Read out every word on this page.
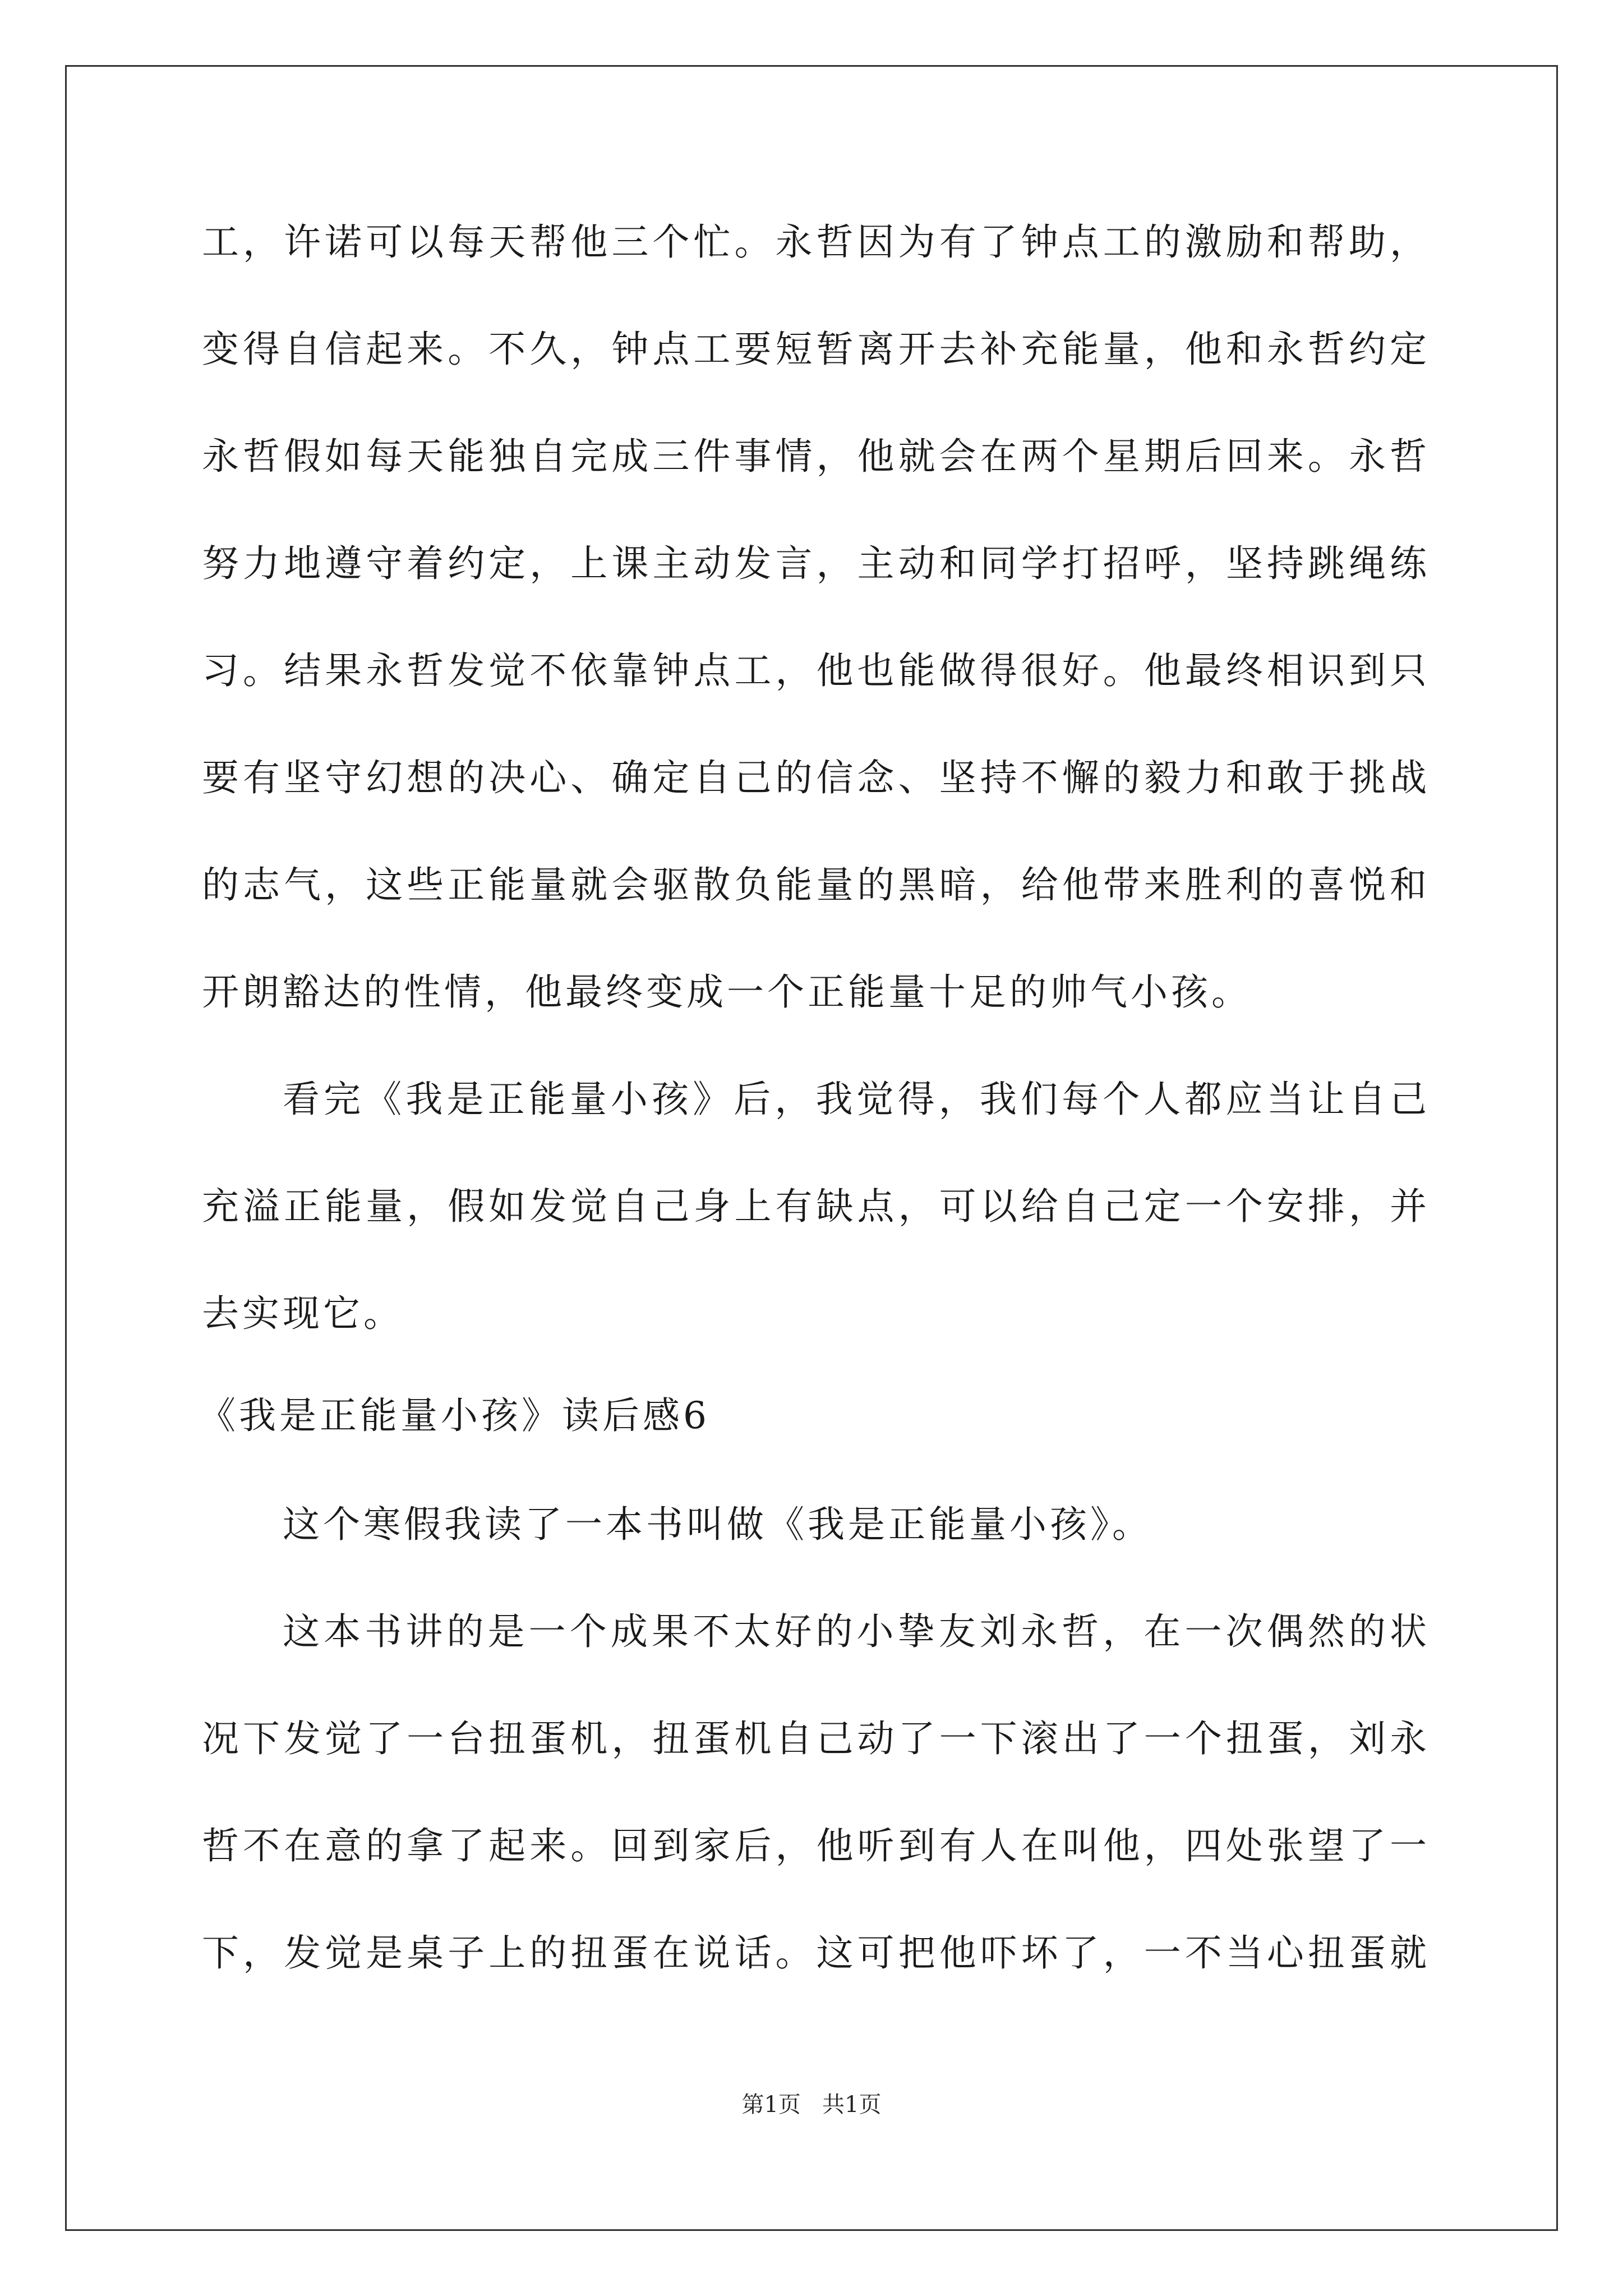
工，许诺可以每天帮他三个忙。永哲因为有了钟点工的激励和帮助，
变得自信起来。不久，钟点工要短暂离开去补充能量，他和永哲约定
永哲假如每天能独自完成三件事情，他就会在两个星期后回来。永哲
努力地遵守着约定，上课主动发言，主动和同学打招呼，坚持跳绳练
习。结果永哲发觉不依靠钟点工，他也能做得很好。他最终相识到只
要有坚守幻想的决心、确定自己的信念、坚持不懈的毅力和敢于挑战
的志气，这些正能量就会驱散负能量的黑暗，给他带来胜利的喜悦和
开朗豁达的性情，他最终变成一个正能量十足的帅气小孩。
看完《我是正能量小孩》后，我觉得，我们每个人都应当让自己
充溢正能量，假如发觉自己身上有缺点，可以给自己定一个安排，并
去实现它。
《我是正能量小孩》读后感6
这个寒假我读了一本书叫做《我是正能量小孩》。
这本书讲的是一个成果不太好的小挚友刘永哲，在一次偶然的状
况下发觉了一台扭蛋机，扭蛋机自己动了一下滚出了一个扭蛋，刘永
哲不在意的拿了起来。回到家后，他听到有人在叫他，四处张望了一
下，发觉是桌子上的扭蛋在说话。这可把他吓坏了，一不当心扭蛋就
第1页   共1页
